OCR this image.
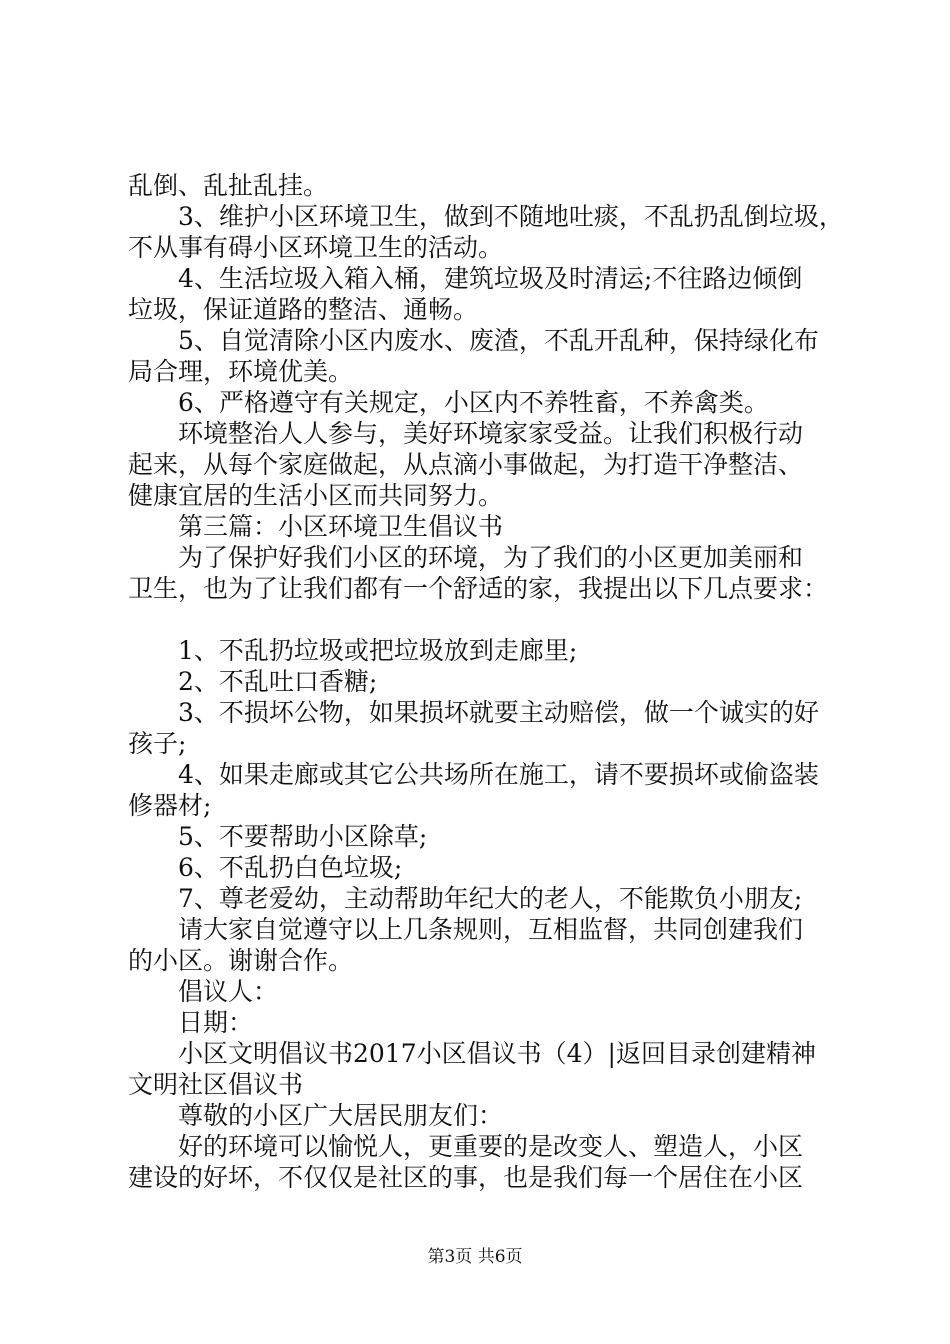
乱倒、乱扯乱挂。
3、维护小区环境卫生，做到不随地吐痰，不乱扔乱倒垃圾，
不从事有碍小区环境卫生的活动。
4、生活垃圾入箱入桶，建筑垃圾及时清运;不往路边倾倒
垃圾，保证道路的整洁、通畅。
5、自觉清除小区内废水、废渣，不乱开乱种，保持绿化布
局合理，环境优美。
6、严格遵守有关规定，小区内不养牲畜，不养禽类。
环境整治人人参与，美好环境家家受益。让我们积极行动
起来，从每个家庭做起，从点滴小事做起，为打造干净整洁、
健康宜居的生活小区而共同努力。
第三篇：小区环境卫生倡议书
为了保护好我们小区的环境，为了我们的小区更加美丽和
卫生，也为了让我们都有一个舒适的家，我提出以下几点要求：
1、不乱扔垃圾或把垃圾放到走廊里;
2、不乱吐口香糖;
3、不损坏公物，如果损坏就要主动赔偿，做一个诚实的好
孩子;
4、如果走廊或其它公共场所在施工，请不要损坏或偷盗装
修器材;
5、不要帮助小区除草;
6、不乱扔白色垃圾;
7、尊老爱幼，主动帮助年纪大的老人，不能欺负小朋友;
请大家自觉遵守以上几条规则，互相监督，共同创建我们
的小区。谢谢合作。
倡议人：
日期：
小区文明倡议书2017小区倡议书（4）|返回目录创建精神
文明社区倡议书
尊敬的小区广大居民朋友们：
好的环境可以愉悦人，更重要的是改变人、塑造人，小区
建设的好坏，不仅仅是社区的事，也是我们每一个居住在小区
第3页 共6页
